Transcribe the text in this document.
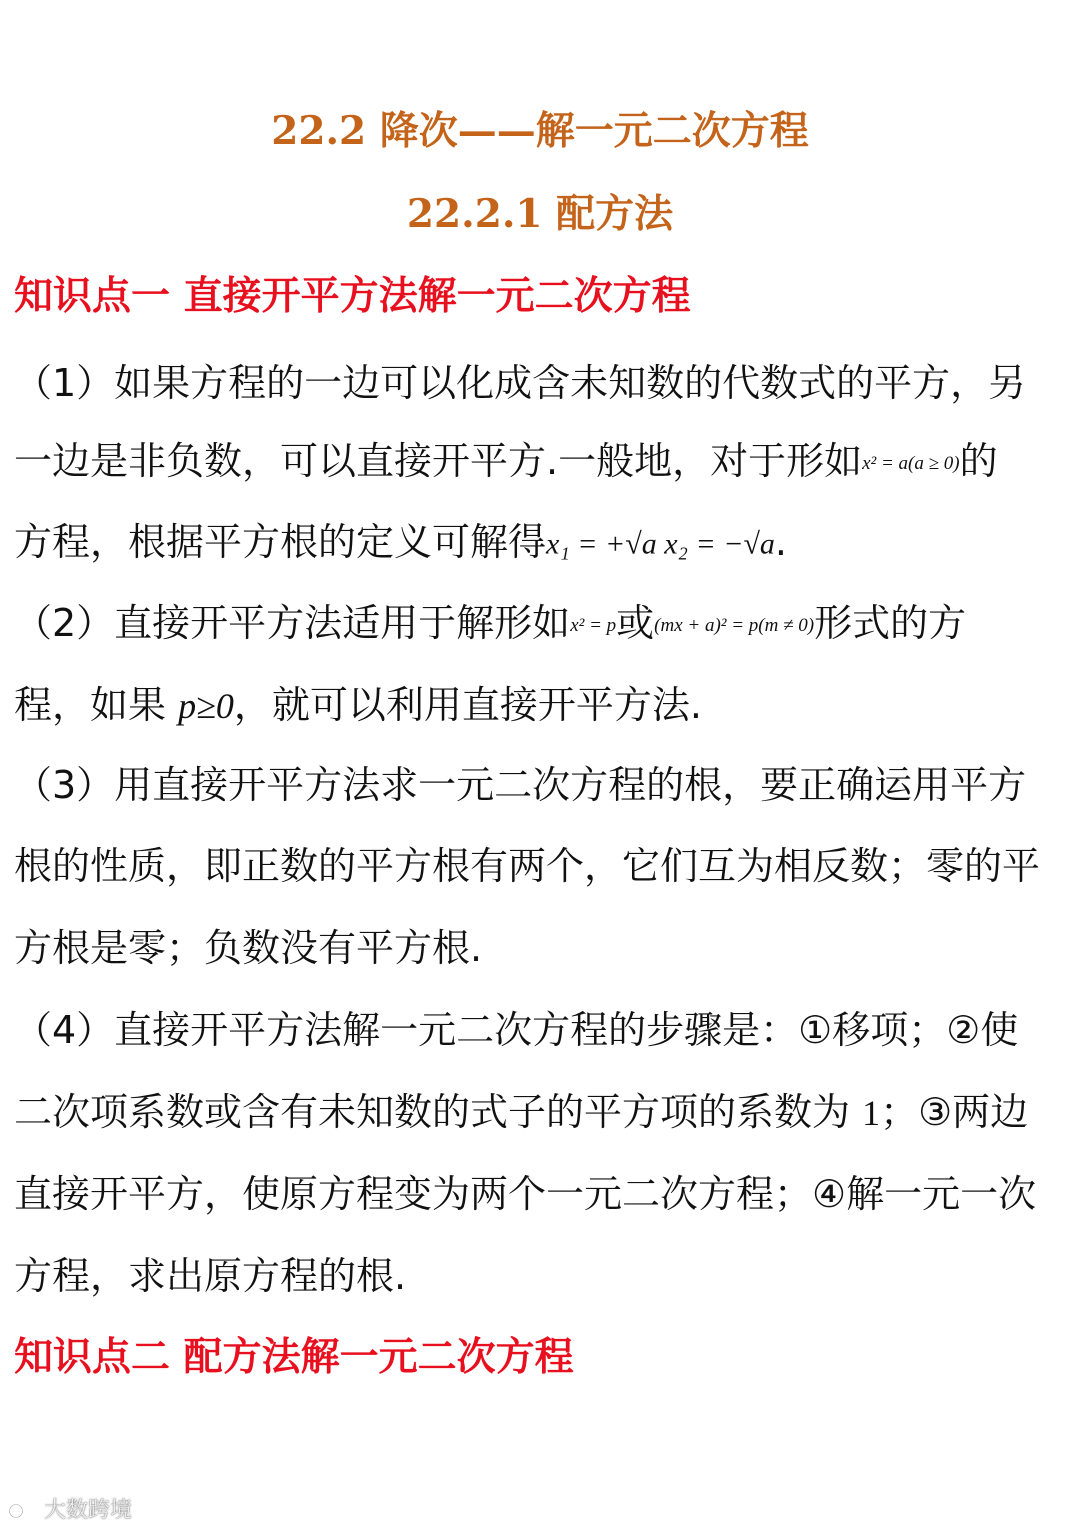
22.2 降次——解一元二次方程
22.2.1 配方法
知识点一 直接开平方法解一元二次方程
（1）如果方程的一边可以化成含未知数的代数式的平方，另
一边是非负数，可以直接开平方.一般地，对于形如x² = a(a ≥ 0)的
方程，根据平方根的定义可解得x₁ = +√a x₂ = −√a.
（2）直接开平方法适用于解形如x² = p或(mx + a)² = p(m ≠ 0)形式的方
程，如果 p≥0，就可以利用直接开平方法.
（3）用直接开平方法求一元二次方程的根，要正确运用平方
根的性质，即正数的平方根有两个，它们互为相反数；零的平
方根是零；负数没有平方根.
（4）直接开平方法解一元二次方程的步骤是：①移项；②使
二次项系数或含有未知数的式子的平方项的系数为 1；③两边
直接开平方，使原方程变为两个一元二次方程；④解一元一次
方程，求出原方程的根.
知识点二 配方法解一元二次方程
大数跨境
